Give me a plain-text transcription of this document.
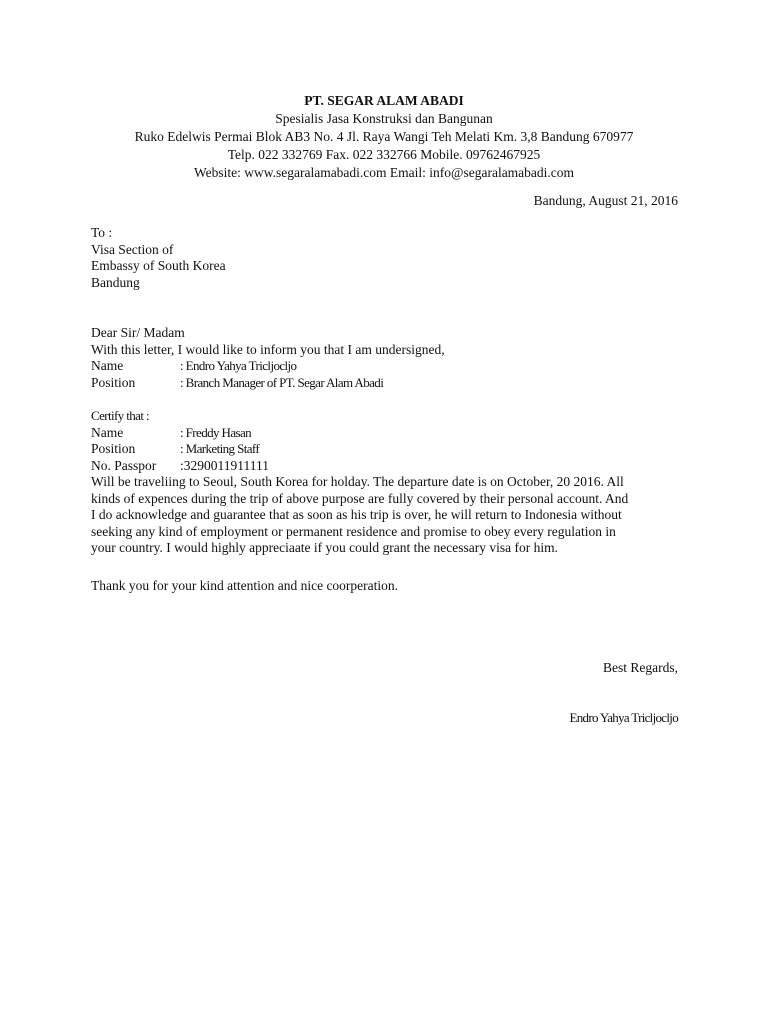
PT. SEGAR ALAM ABADI
Spesialis Jasa Konstruksi dan Bangunan
Ruko Edelwis Permai Blok AB3 No. 4 Jl. Raya Wangi Teh Melati Km. 3,8 Bandung 670977
Telp. 022 332769 Fax. 022 332766 Mobile. 09762467925
Website: www.segaralamabadi.com Email: info@segaralamabadi.com
Bandung, August 21, 2016
To :
Visa Section of
Embassy of South Korea
Bandung
Dear Sir/ Madam
With this letter, I would like to inform you that I am undersigned,
Name	: Endro Yahya Tricljocljo
Position	: Branch Manager of PT. Segar Alam Abadi
Certify that :
Name	: Freddy Hasan
Position	: Marketing Staff
No. Passpor	:3290011911111
Will be traveliing to Seoul, South Korea for holday. The departure date is on October, 20 2016. All
kinds of expences during the trip of above purpose are fully covered by their personal account. And
I do acknowledge and guarantee that as soon as his trip is over, he will return to Indonesia without
seeking any kind of employment or permanent residence and promise to obey every regulation in
your country. I would highly appreciaate if you could grant the necessary visa for him.
Thank you for your kind attention and nice coorperation.
Best Regards,
Endro Yahya Tricljocljo
